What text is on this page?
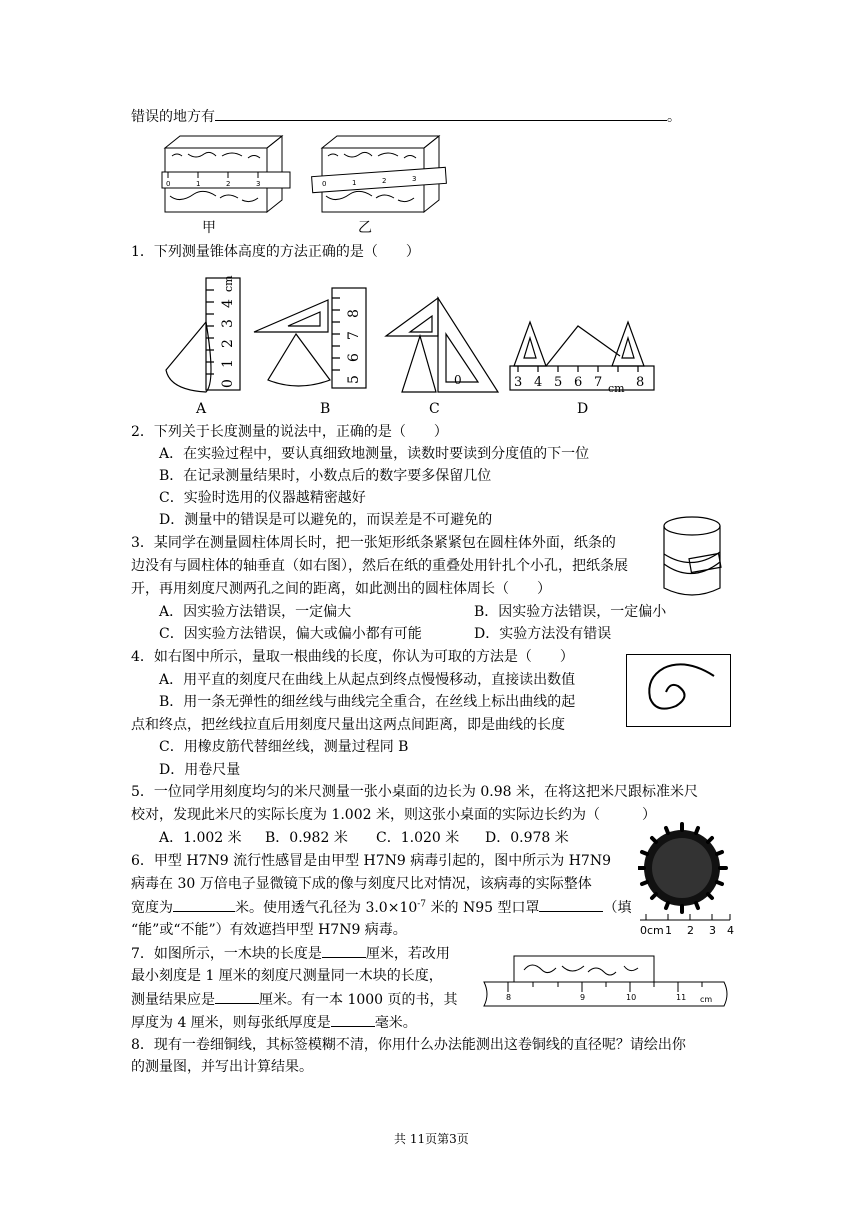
错误的地方有	。
0	1	2	3	0	1	2	3
甲	乙
1．下列测量锥体高度的方法正确的是（　　）
0
1
2
3
4
cm
5
6
7
8
0	3 4 5 6 7	8
cm
A	B	C	D
2．下列关于长度测量的说法中，正确的是（　　）
A．在实验过程中，要认真细致地测量，读数时要读到分度值的下一位
B．在记录测量结果时，小数点后的数字要多保留几位
C．实验时选用的仪器越精密越好
D．测量中的错误是可以避免的，而误差是不可避免的
3．某同学在测量圆柱体周长时，把一张矩形纸条紧紧包在圆柱体外面，纸条的
边没有与圆柱体的轴垂直（如右图），然后在纸的重叠处用针扎个小孔，把纸条展
开，再用刻度尺测两孔之间的距离，如此测出的圆柱体周长（　　）
A．因实验方法错误，一定偏大	B．因实验方法错误，一定偏小
C．因实验方法错误，偏大或偏小都有可能	D．实验方法没有错误
4．如右图中所示，量取一根曲线的长度，你认为可取的方法是（　　）
A．用平直的刻度尺在曲线上从起点到终点慢慢移动，直接读出数值
B．用一条无弹性的细丝线与曲线完全重合，在丝线上标出曲线的起
点和终点，把丝线拉直后用刻度尺量出这两点间距离，即是曲线的长度
C．用橡皮筋代替细丝线，测量过程同 B
D．用卷尺量
5．一位同学用刻度均匀的米尺测量一张小桌面的边长为 0.98 米，在将这把米尺跟标准米尺
校对，发现此米尺的实际长度为 1.002 米，则这张小桌面的实际边长约为（　　　）
A．1.002 米 B．0.982 米 C．1.020 米 D．0.978 米
6．甲型 H7N9 流行性感冒是由甲型 H7N9 病毒引起的，图中所示为 H7N9
病毒在 30 万倍电子显微镜下成的像与刻度尺比对情况，该病毒的实际整体
宽度为	米。使用透气孔径为 $3.0\times 10^{-7}$ 米的 N95 型口罩	（填
“能”或“不能”）有效遮挡甲型 H7N9 病毒。	0cm 1 2 3 4
7．如图所示，一木块的长度是	厘米，若改用
最小刻度是 1 厘米的刻度尺测量同一木块的长度，
测量结果应是	厘米。有一本 1000 页的书，其
厚度为 4 厘米，则每张纸厚度是	毫米。
8	9	10	11 cm
8．现有一卷细铜线，其标签模糊不清，你用什么办法能测出这卷铜线的直径呢？请绘出你
的测量图，并写出计算结果。
共 11页第3页
